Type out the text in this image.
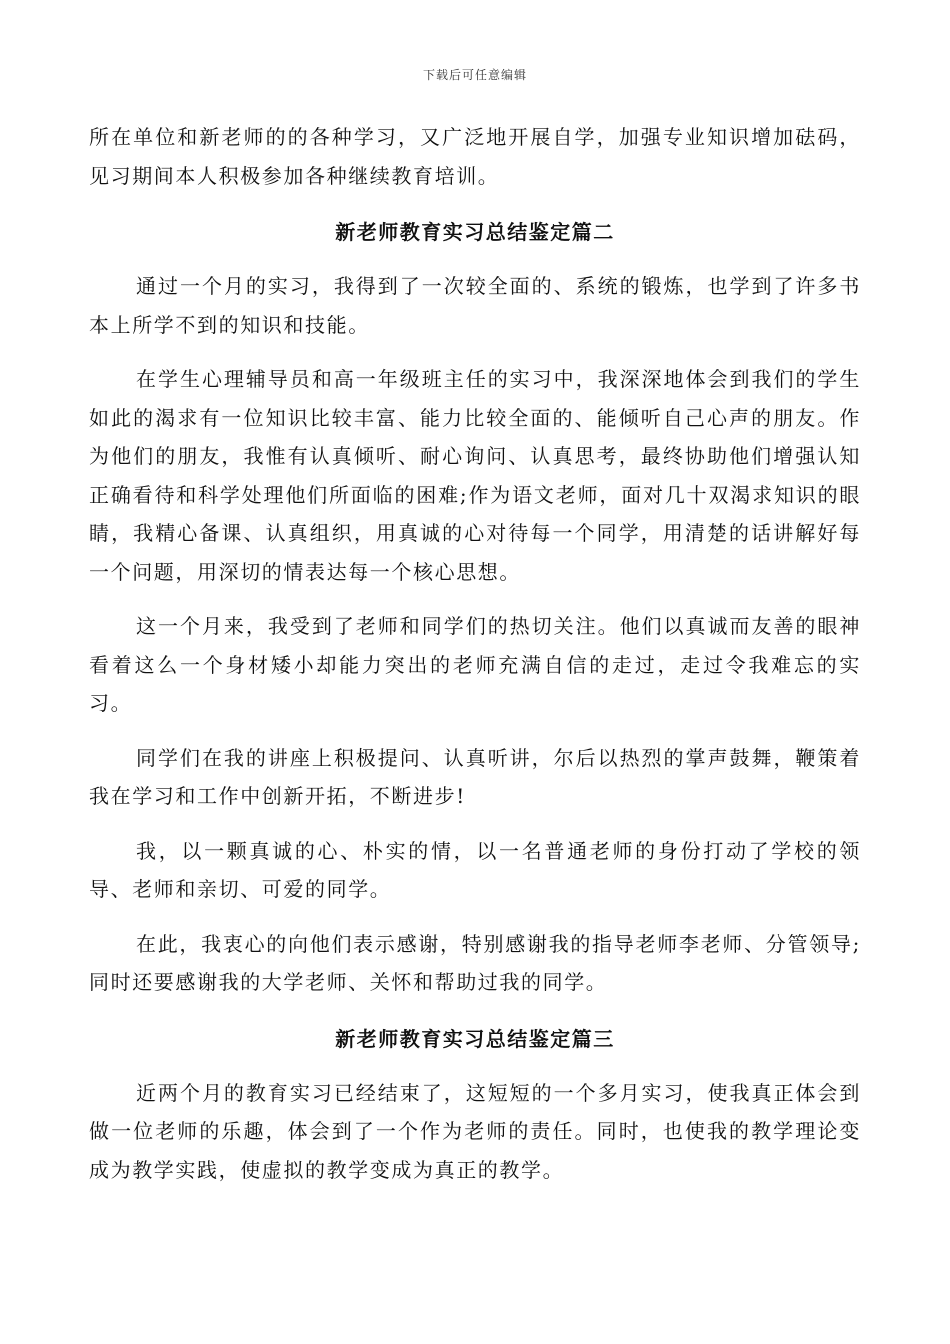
下载后可任意编辑

所在单位和新老师的的各种学习，又广泛地开展自学，加强专业知识增加砝码，见习期间本人积极参加各种继续教育培训。

新老师教育实习总结鉴定篇二

通过一个月的实习，我得到了一次较全面的、系统的锻炼，也学到了许多书本上所学不到的知识和技能。

在学生心理辅导员和高一年级班主任的实习中，我深深地体会到我们的学生如此的渴求有一位知识比较丰富、能力比较全面的、能倾听自己心声的朋友。作为他们的朋友，我惟有认真倾听、耐心询问、认真思考，最终协助他们增强认知正确看待和科学处理他们所面临的困难;作为语文老师，面对几十双渴求知识的眼睛，我精心备课、认真组织，用真诚的心对待每一个同学，用清楚的话讲解好每一个问题，用深切的情表达每一个核心思想。

这一个月来，我受到了老师和同学们的热切关注。他们以真诚而友善的眼神看着这么一个身材矮小却能力突出的老师充满自信的走过，走过令我难忘的实习。

同学们在我的讲座上积极提问、认真听讲，尔后以热烈的掌声鼓舞，鞭策着我在学习和工作中创新开拓，不断进步!

我，以一颗真诚的心、朴实的情，以一名普通老师的身份打动了学校的领导、老师和亲切、可爱的同学。

在此，我衷心的向他们表示感谢，特别感谢我的指导老师李老师、分管领导;同时还要感谢我的大学老师、关怀和帮助过我的同学。

新老师教育实习总结鉴定篇三

近两个月的教育实习已经结束了，这短短的一个多月实习，使我真正体会到做一位老师的乐趣，体会到了一个作为老师的责任。同时，也使我的教学理论变成为教学实践，使虚拟的教学变成为真正的教学。
